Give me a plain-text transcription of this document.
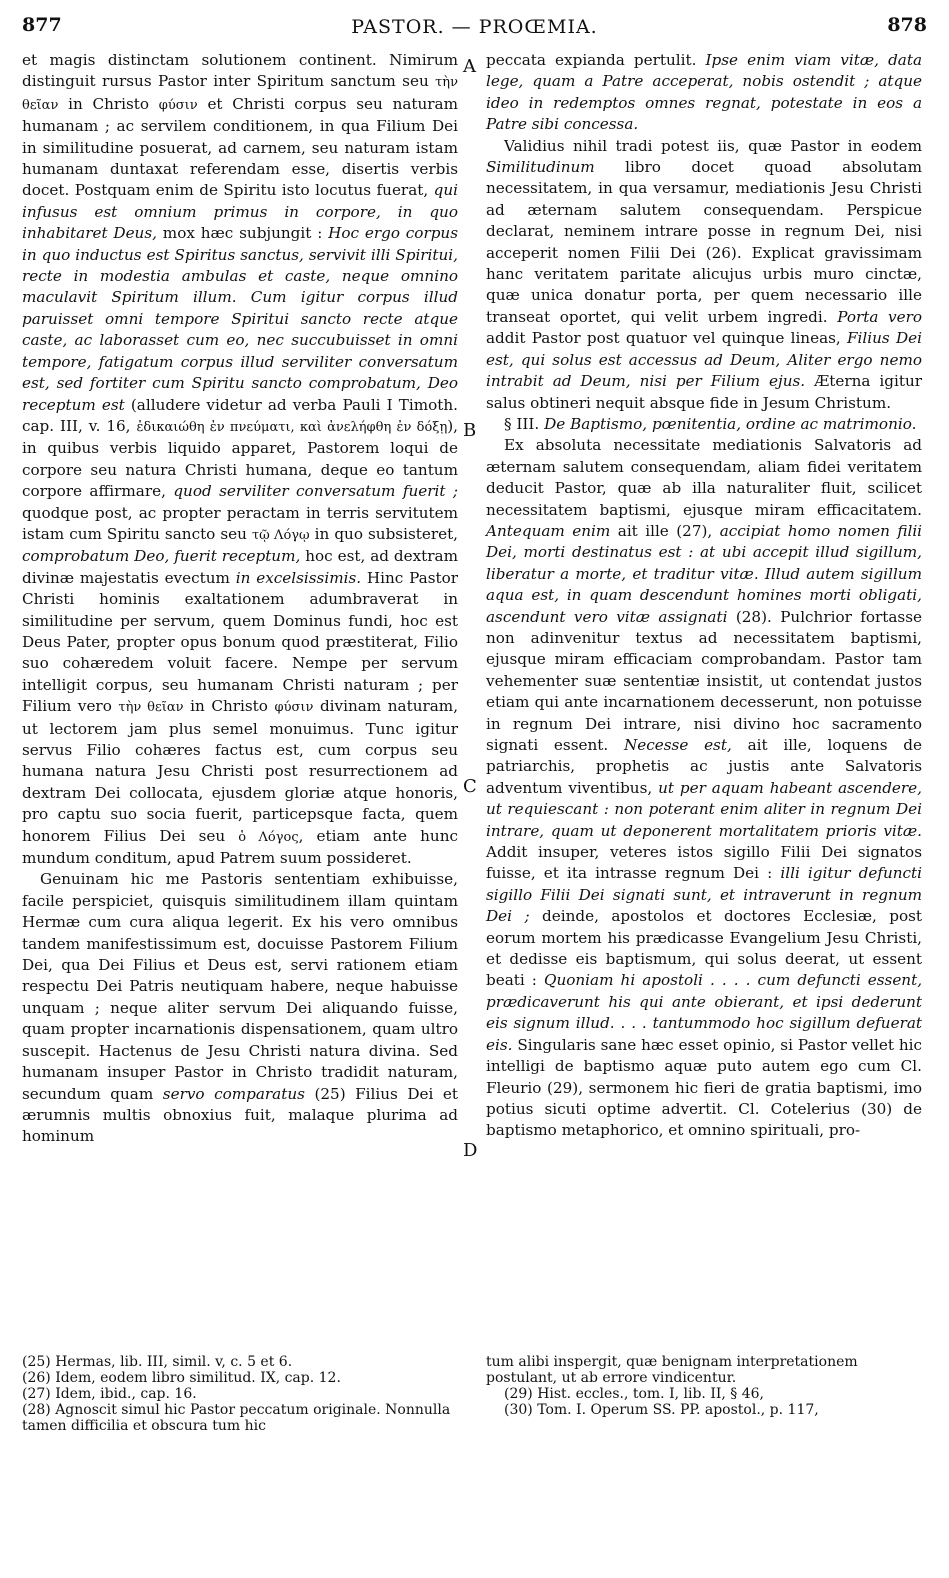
877	PASTOR. — PROŒMIA.	878
A
B
C
D

et magis distinctam solutionem continent. Nimirum distinguit rursus Pastor inter Spiritum sanctum seu τὴν θεῖαν in Christo φύσιν et Christi corpus seu naturam humanam ; ac servilem conditionem, in qua Filium Dei in similitudine posuerat, ad carnem, seu naturam istam humanam duntaxat referendam esse, disertis verbis docet. Postquam enim de Spiritu isto locutus fuerat, qui infusus est omnium primus in corpore, in quo inhabitaret Deus, mox hæc subjungit : Hoc ergo corpus in quo inductus est Spiritus sanctus, servivit illi Spiritui, recte in modestia ambulas et caste, neque omnino maculavit Spiritum illum. Cum igitur corpus illud paruisset omni tempore Spiritui sancto recte atque caste, ac laborasset cum eo, nec succubuisset in omni tempore, fatigatum corpus illud serviliter conversatum est, sed fortiter cum Spiritu sancto comprobatum, Deo receptum est (alludere videtur ad verba Pauli I Timoth. cap. III, v. 16, ἐδικαιώθη ἐν πνεύματι, καὶ ἀνελήφθη ἐν δόξῃ), in quibus verbis liquido apparet, Pastorem loqui de corpore seu natura Christi humana, deque eo tantum corpore affirmare, quod serviliter conversatum fuerit ; quodque post, ac propter peractam in terris servitutem istam cum Spiritu sancto seu τῷ Λόγῳ in quo subsisteret, comprobatum Deo, fuerit receptum, hoc est, ad dextram divinæ majestatis evectum in excelsissimis. Hinc Pastor Christi hominis exaltationem adumbraverat in similitudine per servum, quem Dominus fundi, hoc est Deus Pater, propter opus bonum quod præstiterat, Filio suo cohæredem voluit facere. Nempe per servum intelligit corpus, seu humanam Christi naturam ; per Filium vero τὴν θεῖαν in Christo φύσιν divinam naturam, ut lectorem jam plus semel monuimus. Tunc igitur servus Filio cohæres factus est, cum corpus seu humana natura Jesu Christi post resurrectionem ad dextram Dei collocata, ejusdem gloriæ atque honoris, pro captu suo socia fuerit, particepsque facta, quem honorem Filius Dei seu ὁ Λόγος, etiam ante hunc mundum conditum, apud Patrem suum possideret.

Genuinam hic me Pastoris sententiam exhibuisse, facile perspiciet, quisquis similitudinem illam quintam Hermæ cum cura aliqua legerit. Ex his vero omnibus tandem manifestissimum est, docuisse Pastorem Filium Dei, qua Dei Filius et Deus est, servi rationem etiam respectu Dei Patris neutiquam habere, neque habuisse unquam ; neque aliter servum Dei aliquando fuisse, quam propter incarnationis dispensationem, quam ultro suscepit. Hactenus de Jesu Christi natura divina. Sed humanam insuper Pastor in Christo tradidit naturam, secundum quam servo comparatus (25) Filius Dei et ærumnis multis obnoxius fuit, malaque plurima ad hominum

peccata expianda pertulit. Ipse enim viam vitæ, data lege, quam a Patre acceperat, nobis ostendit ; atque ideo in redemptos omnes regnat, potestate in eos a Patre sibi concessa.

Validius nihil tradi potest iis, quæ Pastor in eodem Similitudinum libro docet quoad absolutam necessitatem, in qua versamur, mediationis Jesu Christi ad æternam salutem consequendam. Perspicue declarat, neminem intrare posse in regnum Dei, nisi acceperit nomen Filii Dei (26). Explicat gravissimam hanc veritatem paritate alicujus urbis muro cinctæ, quæ unica donatur porta, per quem necessario ille transeat oportet, qui velit urbem ingredi. Porta vero addit Pastor post quatuor vel quinque lineas, Filius Dei est, qui solus est accessus ad Deum, Aliter ergo nemo intrabit ad Deum, nisi per Filium ejus. Æterna igitur salus obtineri nequit absque fide in Jesum Christum.

§ III. De Baptismo, pœnitentia, ordine ac matrimonio.

Ex absoluta necessitate mediationis Salvatoris ad æternam salutem consequendam, aliam fidei veritatem deducit Pastor, quæ ab illa naturaliter fluit, scilicet necessitatem baptismi, ejusque miram efficacitatem. Antequam enim ait ille (27), accipiat homo nomen filii Dei, morti destinatus est : at ubi accepit illud sigillum, liberatur a morte, et traditur vitæ. Illud autem sigillum aqua est, in quam descendunt homines morti obligati, ascendunt vero vitæ assignati (28). Pulchrior fortasse non adinvenitur textus ad necessitatem baptismi, ejusque miram efficaciam comprobandam. Pastor tam vehementer suæ sententiæ insistit, ut contendat justos etiam qui ante incarnationem decesserunt, non potuisse in regnum Dei intrare, nisi divino hoc sacramento signati essent. Necesse est, ait ille, loquens de patriarchis, prophetis ac justis ante Salvatoris adventum viventibus, ut per aquam habeant ascendere, ut requiescant : non poterant enim aliter in regnum Dei intrare, quam ut deponerent mortalitatem prioris vitæ. Addit insuper, veteres istos sigillo Filii Dei signatos fuisse, et ita intrasse regnum Dei : illi igitur defuncti sigillo Filii Dei signati sunt, et intraverunt in regnum Dei ; deinde, apostolos et doctores Ecclesiæ, post eorum mortem his prædicasse Evangelium Jesu Christi, et dedisse eis baptismum, qui solus deerat, ut essent beati : Quoniam hi apostoli . . . . cum defuncti essent, prædicaverunt his qui ante obierant, et ipsi dederunt eis signum illud. . . . tantummodo hoc sigillum defuerat eis. Singularis sane hæc esset opinio, si Pastor vellet hic intelligi de baptismo aquæ puto autem ego cum Cl. Fleurio (29), sermonem hic fieri de gratia baptismi, imo potius sicuti optime advertit. Cl. Cotelerius (30) de baptismo metaphorico, et omnino spirituali, pro-

(25) Hermas, lib. III, simil. v, c. 5 et 6.
(26) Idem, eodem libro similitud. IX, cap. 12.
(27) Idem, ibid., cap. 16.
(28) Agnoscit simul hic Pastor peccatum originale. Nonnulla tamen difficilia et obscura tum hic
tum alibi inspergit, quæ benignam interpretationem postulant, ut ab errore vindicentur.
(29) Hist. eccles., tom. I, lib. II, § 46,
(30) Tom. I. Operum SS. PP. apostol., p. 117,
